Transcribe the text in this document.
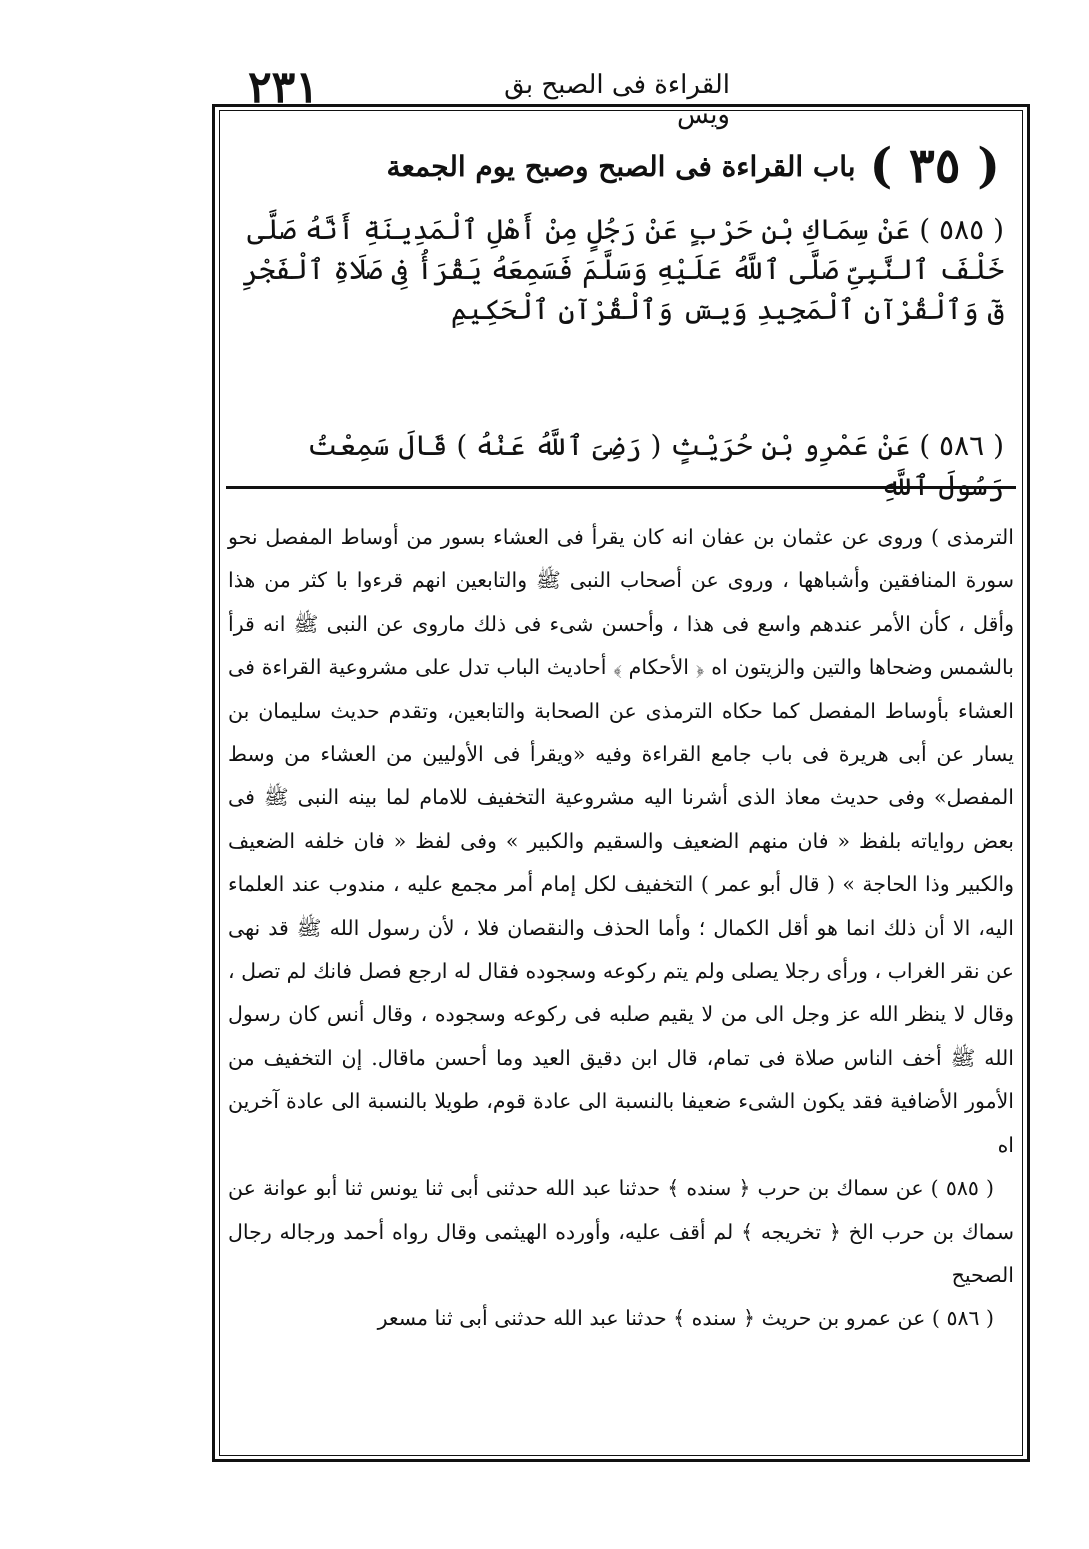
٢٣١	القراءة فى الصبح بق ويس
( ٣٥ )
باب القراءة فى الصبح وصبح يوم الجمعة
( ٥٨٥ ) عَنْ سِمَاكِ بْنِ حَرْبٍ عَنْ رَجُلٍ مِنْ أَهْلِ ٱلْمَدِينَةِ أَنَّهُ صَلَّى خَلْفَ ٱلنَّبِىِّ صَلَّى ٱللَّهُ عَلَيْهِ وَسَلَّمَ فَسَمِعَهُ يَقْرَأُ فِى صَلَاةِ ٱلْفَجْرِ قٓ وَٱلْقُرْآنِ ٱلْمَجِيدِ وَيسٓ وَٱلْقُرْآنِ ٱلْحَكِيمِ
( ٥٨٦ ) عَنْ عَمْرِو بْنِ حُرَيْثٍ ( رَضِىَ ٱللَّهُ عَنْهُ ) قَالَ سَمِعْتُ رَسُولَ ٱللَّهِ

الترمذى ) وروى عن عثمان بن عفان انه كان يقرأ فى العشاء بسور من أوساط المفصل نحو سورة المنافقين وأشباهها ، وروى عن أصحاب النبى ﷺ والتابعين انهم قرءوا با كثر من هذا وأقل ، كأن الأمر عندهم واسع فى هذا ، وأحسن شىء فى ذلك ماروى عن النبى ﷺ انه قرأ بالشمس وضحاها والتين والزيتون اه ﴿ الأحكام ﴾ أحاديث الباب تدل على مشروعية القراءة فى العشاء بأوساط المفصل كما حكاه الترمذى عن الصحابة والتابعين، وتقدم حديث سليمان بن يسار عن أبى هريرة فى باب جامع القراءة وفيه «ويقرأ فى الأوليين من العشاء من وسط المفصل» وفى حديث معاذ الذى أشرنا اليه مشروعية التخفيف للامام لما بينه النبى ﷺ فى بعض رواياته بلفظ « فان منهم الضعيف والسقيم والكبير » وفى لفظ « فان خلفه الضعيف والكبير وذا الحاجة » ( قال أبو عمر ) التخفيف لكل إمام أمر مجمع عليه ، مندوب عند العلماء اليه، الا أن ذلك انما هو أقل الكمال ؛ وأما الحذف والنقصان فلا ، لأن رسول الله ﷺ قد نهى عن نقر الغراب ، ورأى رجلا يصلى ولم يتم ركوعه وسجوده فقال له ارجع فصل فانك لم تصل ، وقال لا ينظر الله عز وجل الى من لا يقيم صلبه فى ركوعه وسجوده ، وقال أنس كان رسول الله ﷺ أخف الناس صلاة فى تمام، قال ابن دقيق العيد وما أحسن ماقال. إن التخفيف من الأمور الأضافية فقد يكون الشىء ضعيفا بالنسبة الى عادة قوم، طويلا بالنسبة الى عادة آخرين اه

( ٥٨٥ ) عن سماك بن حرب ﴿ سنده ﴾ حدثنا عبد الله حدثنى أبى ثنا يونس ثنا أبو عوانة عن سماك بن حرب الخ ﴿ تخريجه ﴾ لم أقف عليه، وأورده الهيثمى وقال رواه أحمد ورجاله رجال الصحيح

( ٥٨٦ ) عن عمرو بن حريث ﴿ سنده ﴾ حدثنا عبد الله حدثنى أبى ثنا مسعر
